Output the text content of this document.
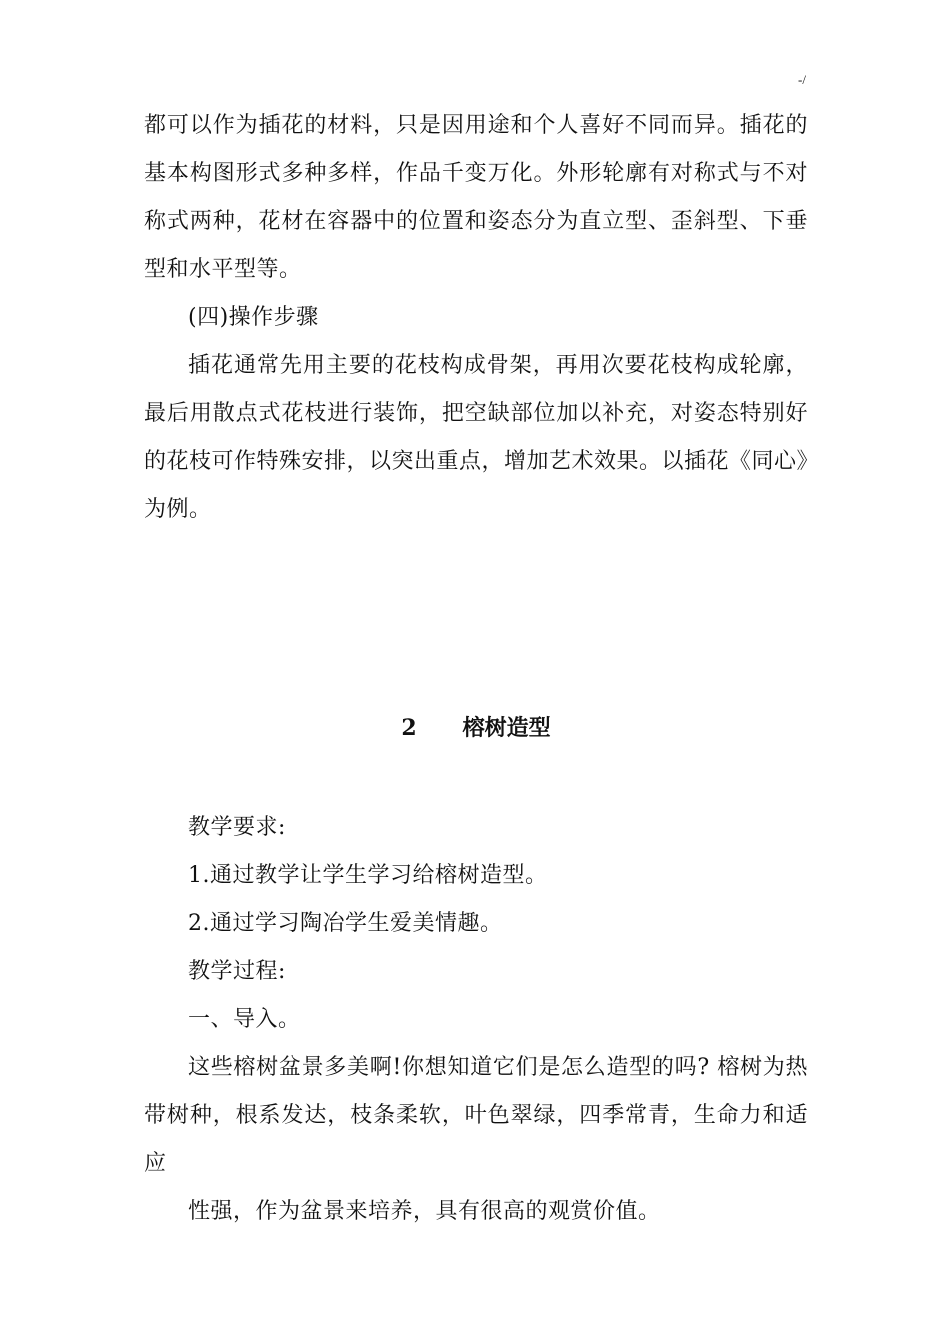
-/

都可以作为插花的材料，只是因用途和个人喜好不同而异。插花的基本构图形式多种多样，作品千变万化。外形轮廓有对称式与不对称式两种，花材在容器中的位置和姿态分为直立型、歪斜型、下垂型和水平型等。

(四)操作步骤

插花通常先用主要的花枝构成骨架，再用次要花枝构成轮廓，最后用散点式花枝进行装饰，把空缺部位加以补充，对姿态特别好的花枝可作特殊安排，以突出重点，增加艺术效果。以插花《同心》为例。

2 榕树造型

教学要求:

1.通过教学让学生学习给榕树造型。

2.通过学习陶冶学生爱美情趣。

教学过程:

一、导入。

这些榕树盆景多美啊!你想知道它们是怎么造型的吗? 榕树为热带树种，根系发达，枝条柔软，叶色翠绿，四季常青，生命力和适应

性强，作为盆景来培养，具有很高的观赏价值。
